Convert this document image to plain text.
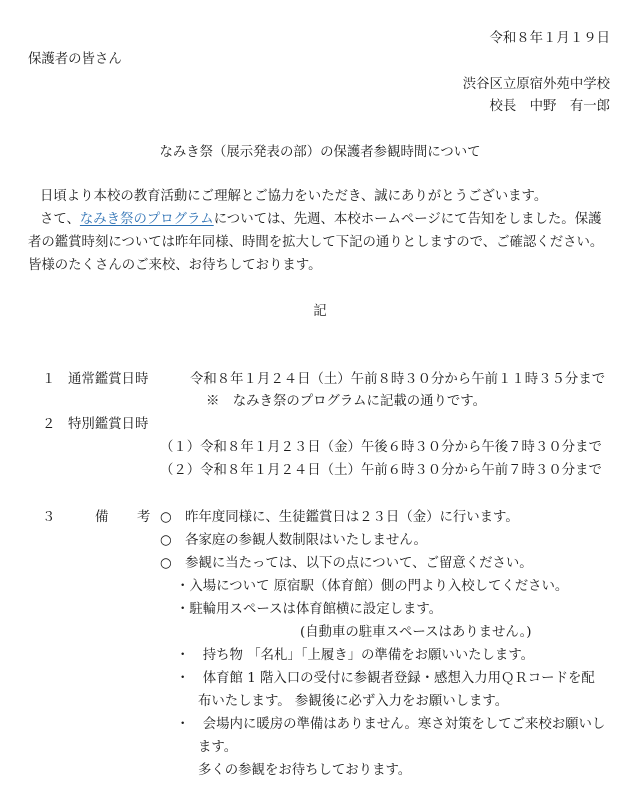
令和８年１月１９日
保護者の皆さん
渋谷区立原宿外苑中学校
校長　中野　有一郎
なみき祭（展示発表の部）の保護者参観時間について
日頃より本校の教育活動にご理解とご協力をいただき、誠にありがとうございます。
さて、なみき祭のプログラムについては、先週、本校ホームページにて告知をしました。保護
者の鑑賞時刻については昨年同様、時間を拡大して下記の通りとしますので、ご確認ください。
皆様のたくさんのご来校、お待ちしております。
記
１ 通常鑑賞日時	令和８年１月２４日（土）午前８時３０分から午前１１時３５分まで
※　なみき祭のプログラムに記載の通りです。
２ 特別鑑賞日時
（１）令和８年１月２３日（金）午後６時３０分から午後７時３０分まで
（２）令和８年１月２４日（土）午前６時３０分から午前７時３０分まで
３	備 考 ○　昨年度同様に、生徒鑑賞日は２３日（金）に行います。
○　各家庭の参観人数制限はいたしません。
○　参観に当たっては、以下の点について、ご留意ください。
・入場について 原宿駅（体育館）側の門より入校してください。
・駐輪用スペースは体育館横に設定します。
(自動車の駐車スペースはありません。)
・　持ち物 「名札」「上履き」の準備をお願いいたします。
・　体育館 1 階入口の受付に参観者登録・感想入力用ＱＲコードを配
布いたします。 参観後に必ず入力をお願いします。
・　会場内に暖房の準備はありません。寒さ対策をしてご来校お願いし
ます。
多くの参観をお待ちしております。
